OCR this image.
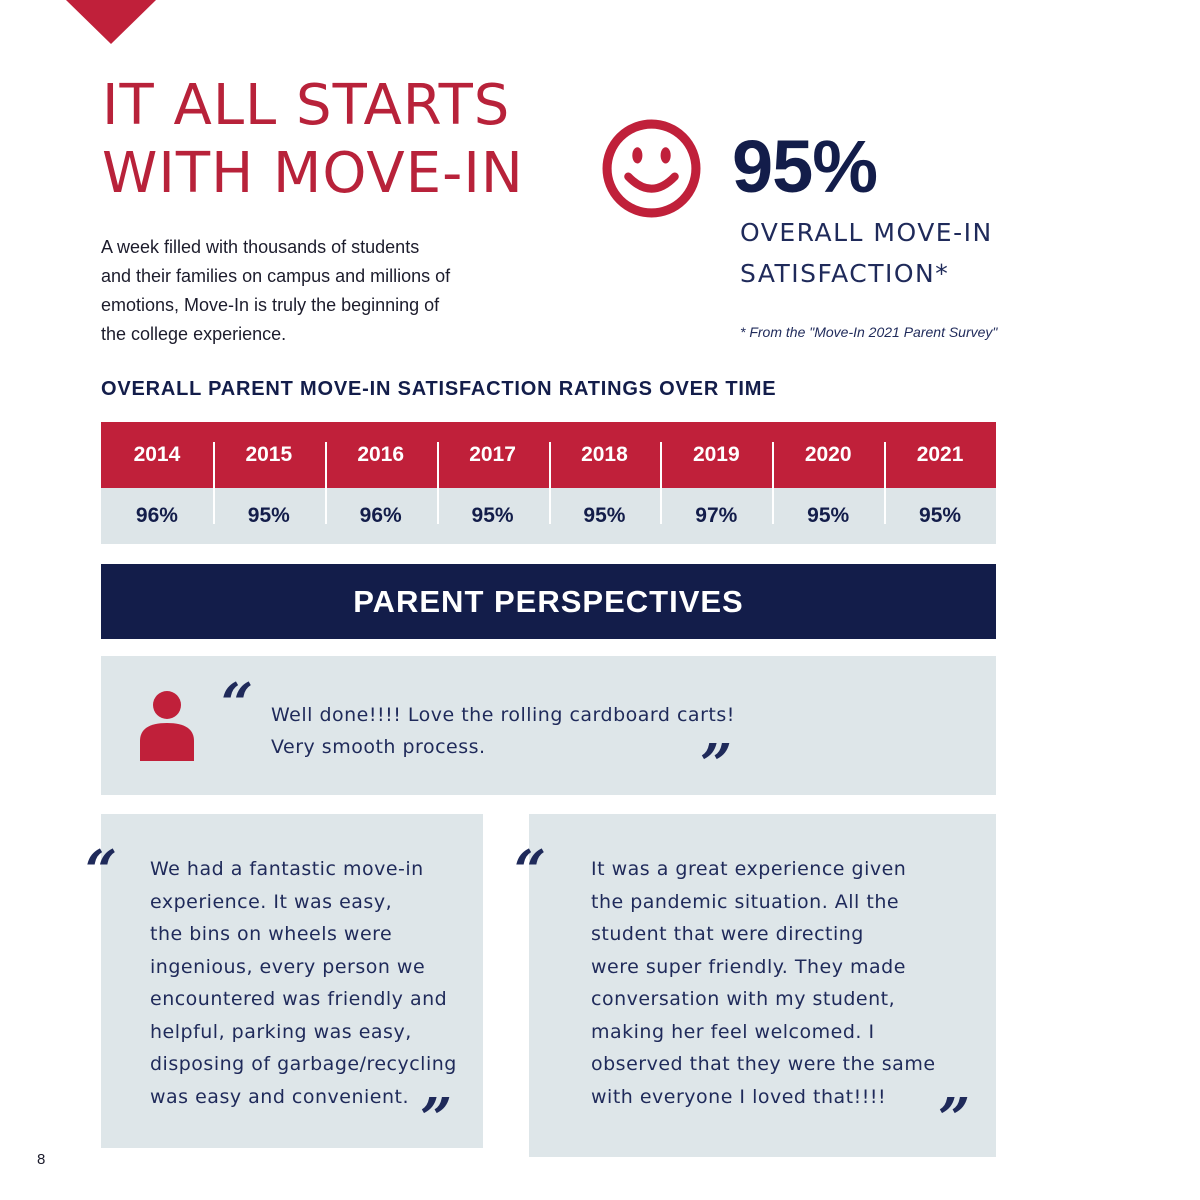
IT ALL STARTS
WITH MOVE-IN
A week filled with thousands of students
and their families on campus and millions of
emotions, Move-In is truly the beginning of
the college experience.
95%
OVERALL MOVE-IN
SATISFACTION*
* From the "Move-In 2021 Parent Survey"
OVERALL PARENT MOVE-IN SATISFACTION RATINGS OVER TIME
2014	2015	2016	2017	2018	2019	2020	2021
96%	95%	96%	95%	95%	97%	95%	95%
PARENT PERSPECTIVES
“ Well done!!!! Love the rolling cardboard carts!
Very smooth process.	”
“ We had a fantastic move-in
experience. It was easy,
the bins on wheels were
ingenious, every person we
encountered was friendly and
helpful, parking was easy,
disposing of garbage/recycling
was easy and convenient. ”
“ It was a great experience given
the pandemic situation. All the
student that were directing
were super friendly. They made
conversation with my student,
making her feel welcomed. I
observed that they were the same
with everyone I loved that!!!! ”
8
